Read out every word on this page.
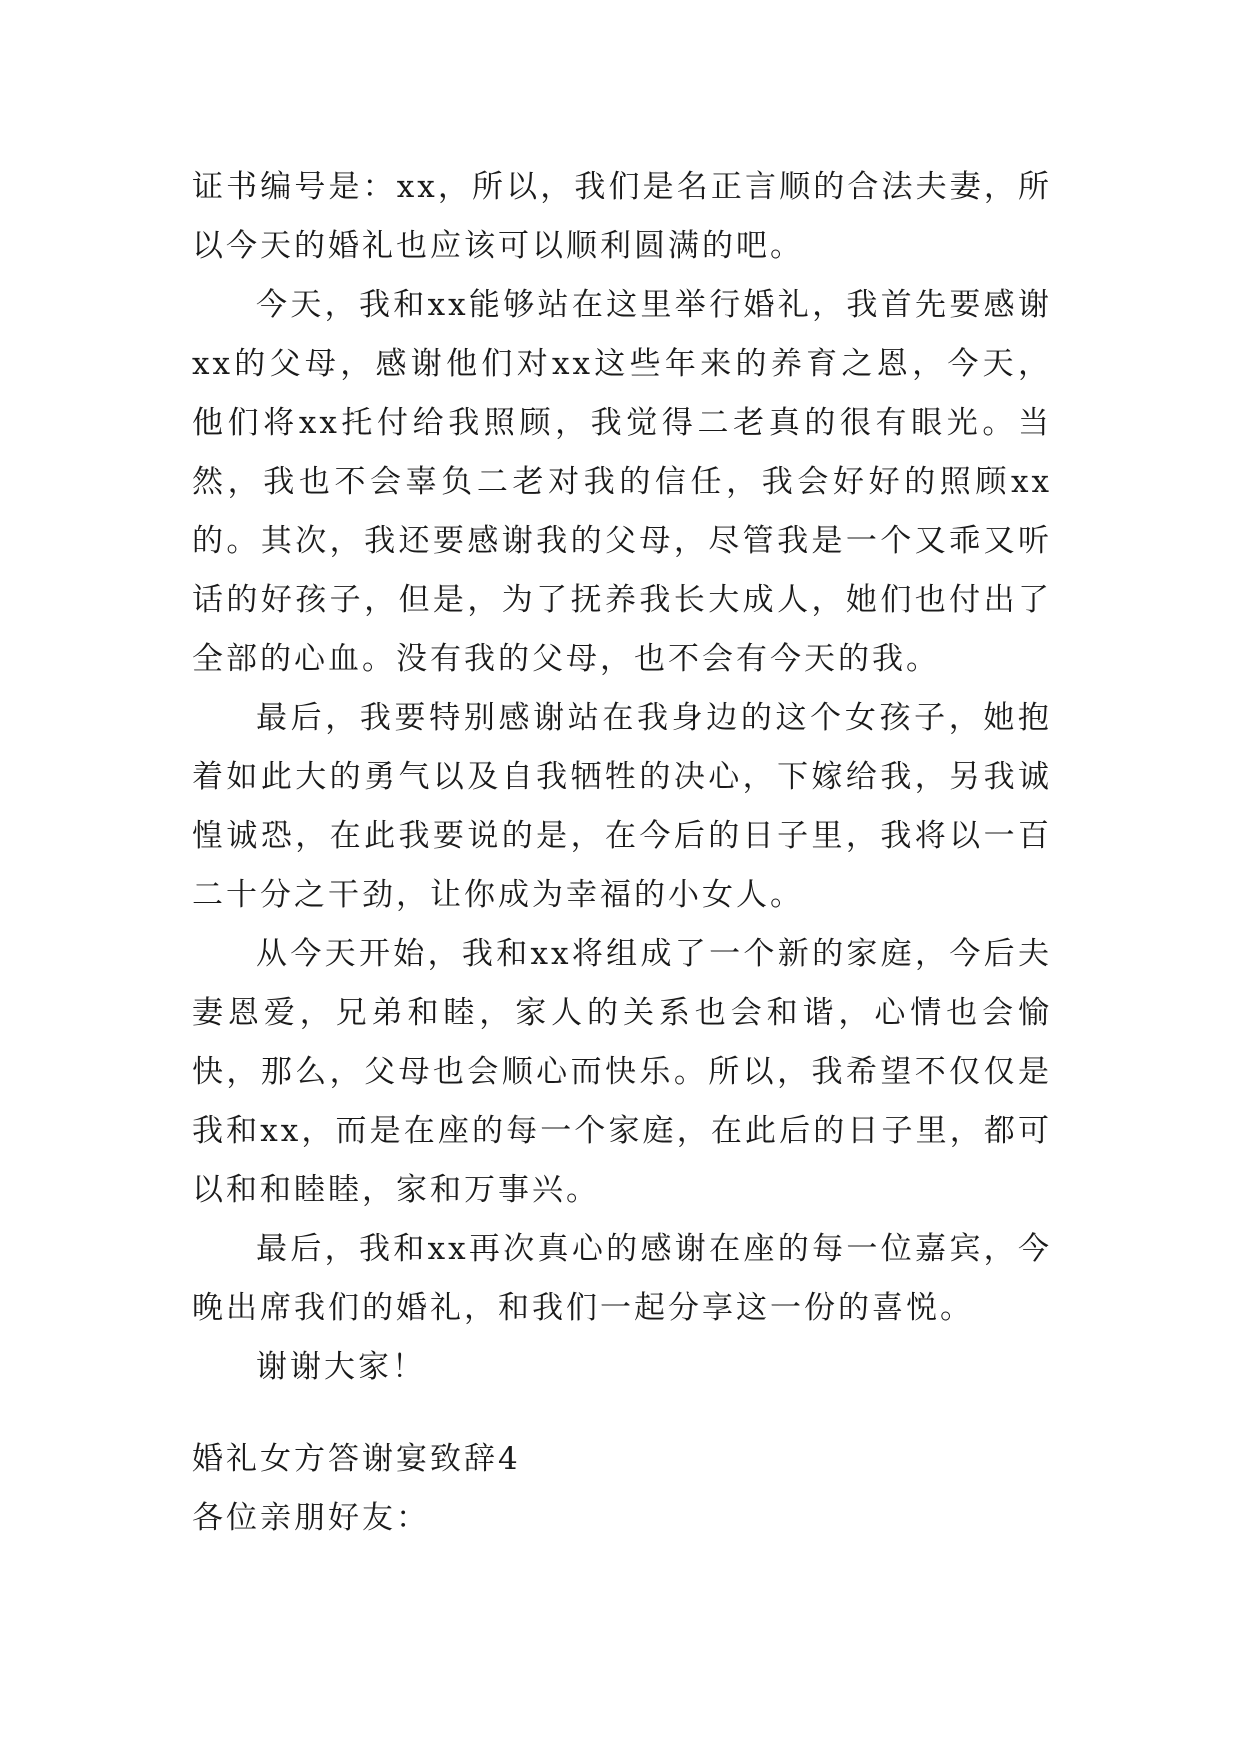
证书编号是：xx，所以，我们是名正言顺的合法夫妻，所以今天的婚礼也应该可以顺利圆满的吧。

今天，我和xx能够站在这里举行婚礼，我首先要感谢xx的父母，感谢他们对xx这些年来的养育之恩，今天，他们将xx托付给我照顾，我觉得二老真的很有眼光。当然，我也不会辜负二老对我的信任，我会好好的照顾xx的。其次，我还要感谢我的父母，尽管我是一个又乖又听话的好孩子，但是，为了抚养我长大成人，她们也付出了全部的心血。没有我的父母，也不会有今天的我。

最后，我要特别感谢站在我身边的这个女孩子，她抱着如此大的勇气以及自我牺牲的决心，下嫁给我，另我诚惶诚恐，在此我要说的是，在今后的日子里，我将以一百二十分之干劲，让你成为幸福的小女人。

从今天开始，我和xx将组成了一个新的家庭，今后夫妻恩爱，兄弟和睦，家人的关系也会和谐，心情也会愉快，那么，父母也会顺心而快乐。所以，我希望不仅仅是我和xx，而是在座的每一个家庭，在此后的日子里，都可以和和睦睦，家和万事兴。

最后，我和xx再次真心的感谢在座的每一位嘉宾，今晚出席我们的婚礼，和我们一起分享这一份的喜悦。

谢谢大家！

婚礼女方答谢宴致辞4

各位亲朋好友：
